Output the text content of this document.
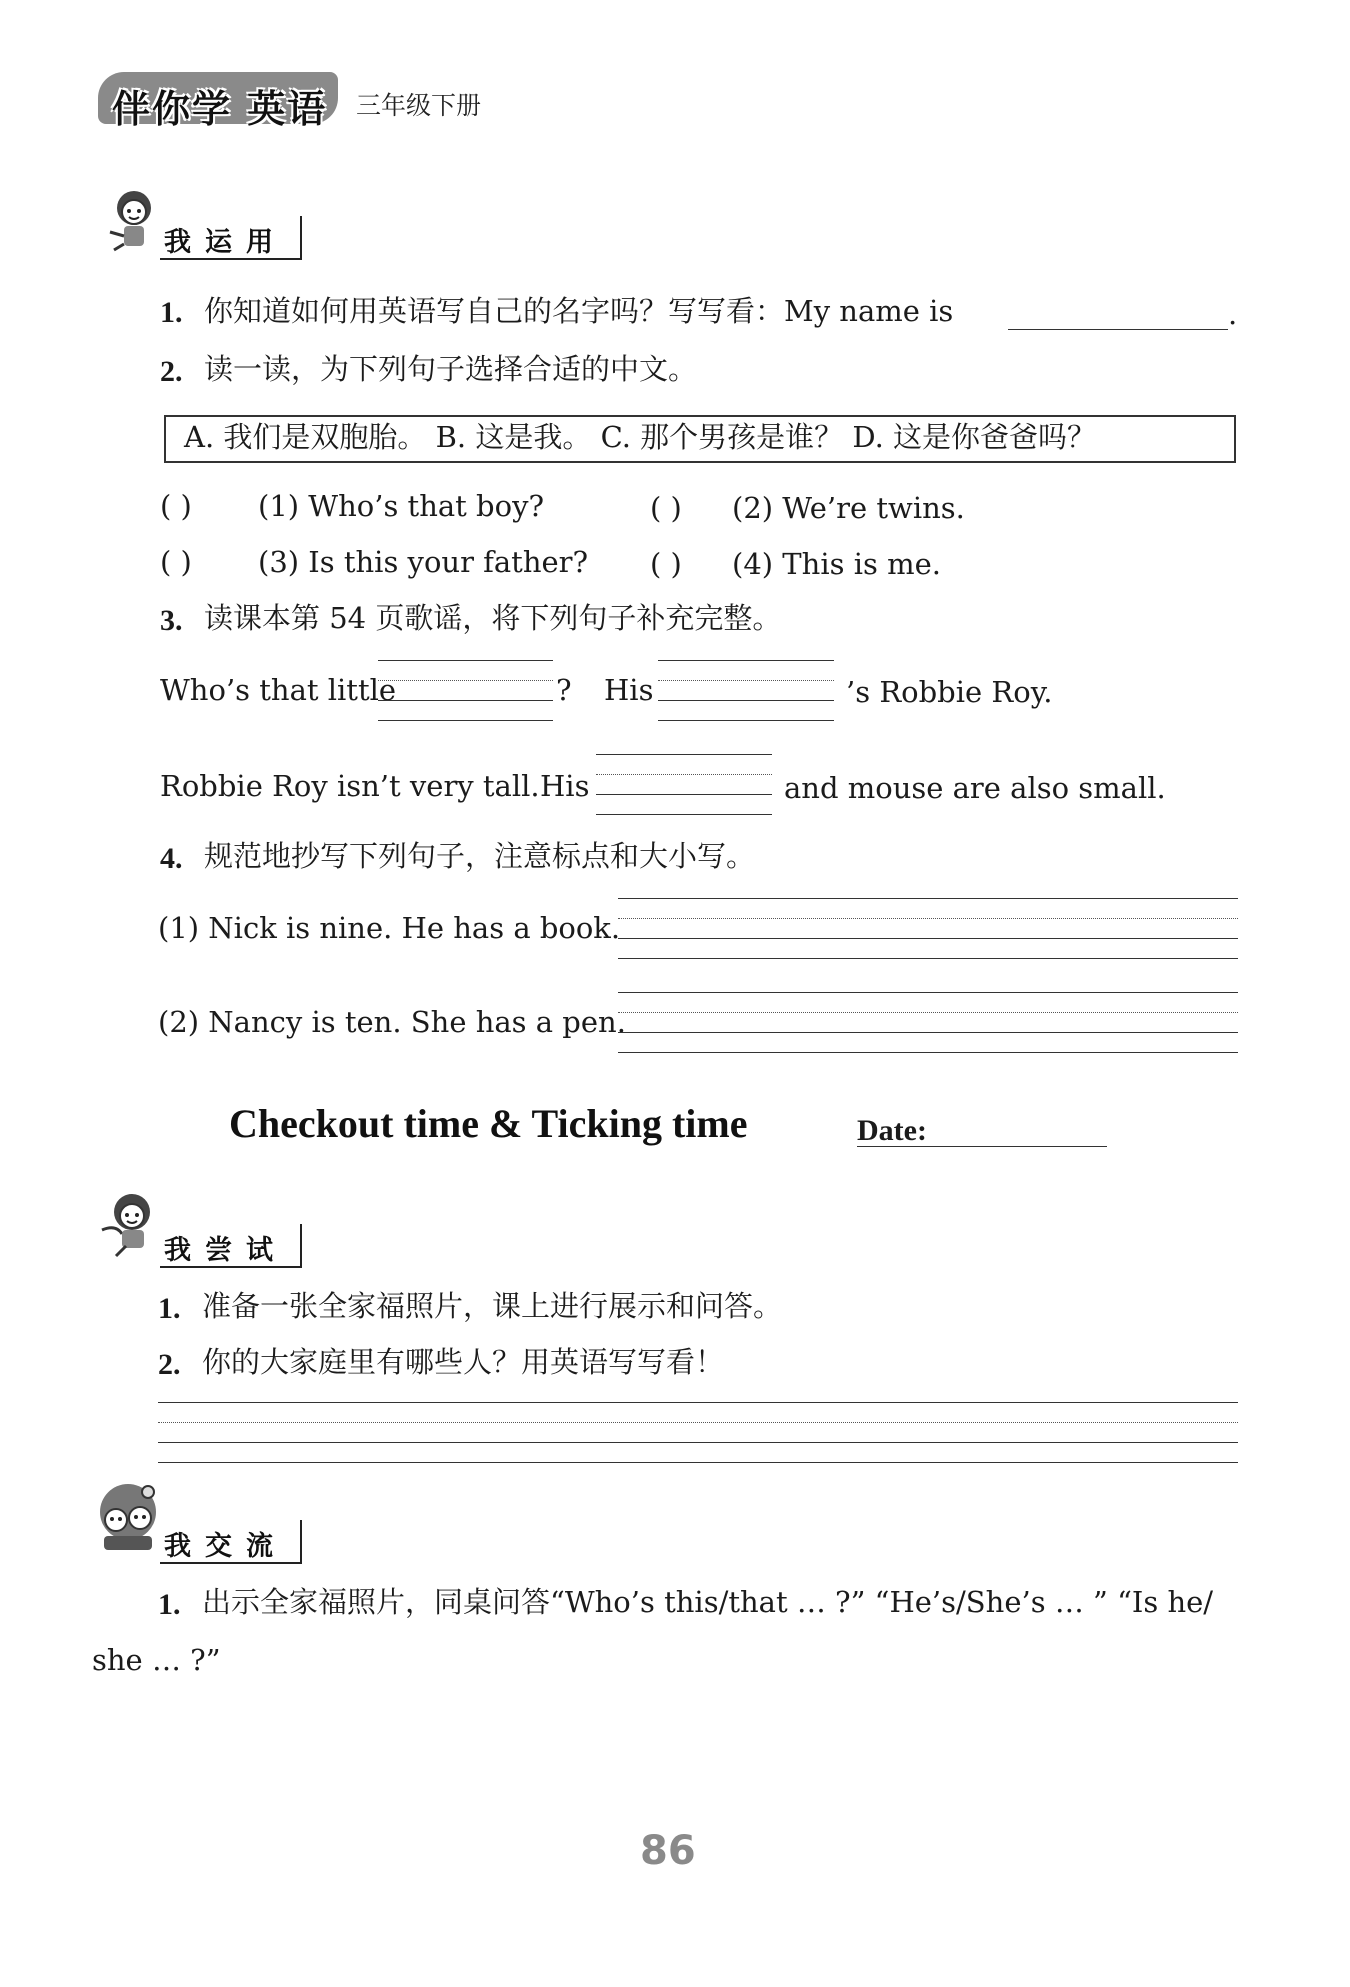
伴你学 英语 三年级下册
我运用
1. 你知道如何用英语写自己的名字吗？写写看：My name is	.
2. 读一读，为下列句子选择合适的中文。
A. 我们是双胞胎。 B. 这是我。 C. 那个男孩是谁？ D. 这是你爸爸吗？
( ) (1) Who’s that boy?	( ) (2) We’re twins.
( ) (3) Is this your father? ( ) (4) This is me.
3. 读课本第 54 页歌谣，将下列句子补充完整。
Who’s that little	? His	’s Robbie Roy.
Robbie Roy isn’t very tall. His	and mouse are also small.
4. 规范地抄写下列句子，注意标点和大小写。
(1) Nick is nine. He has a book.
(2) Nancy is ten. She has a pen.
Checkout time & Ticking time	Date:
我尝试
1. 准备一张全家福照片，课上进行展示和问答。
2. 你的大家庭里有哪些人？用英语写写看！
我交流
1. 出示全家福照片，同桌问答“Who’s this/that … ?” “He’s/She’s … ” “Is he/
she … ?”
86
